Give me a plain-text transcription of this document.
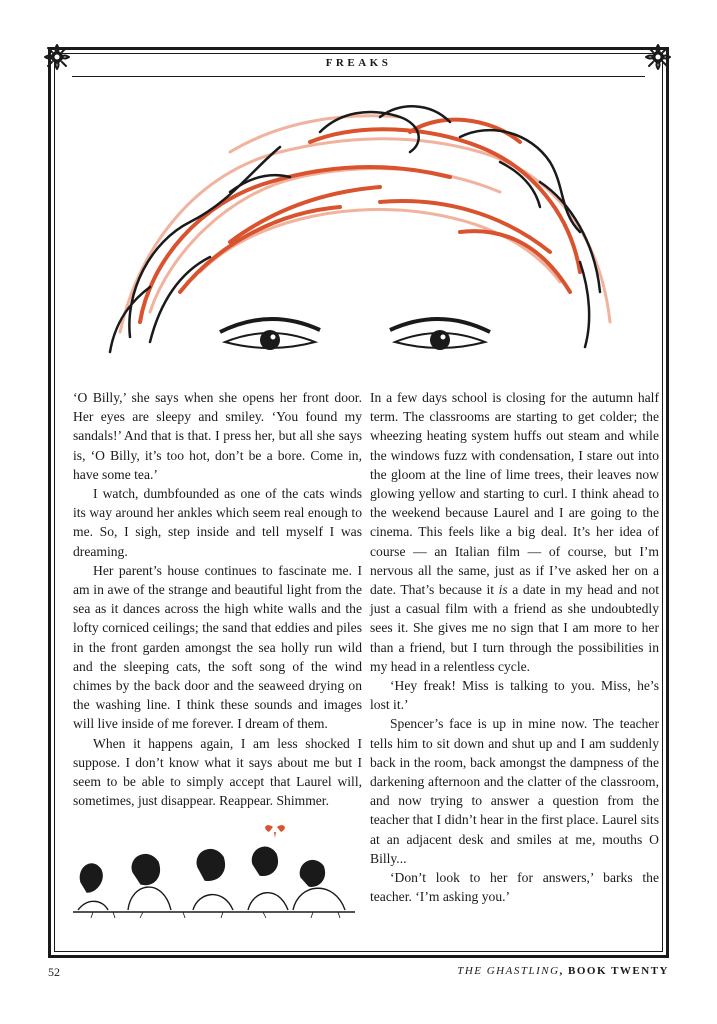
FREAKS

‘O Billy,’ she says when she opens her front door. Her eyes are sleepy and smiley. ‘You found my sandals!’ And that is that. I press her, but all she says is, ‘O Billy, it’s too hot, don’t be a bore. Come in, have some tea.’

I watch, dumbfounded as one of the cats winds its way around her ankles which seem real enough to me. So, I sigh, step inside and tell myself I was dreaming.

Her parent’s house continues to fascinate me. I am in awe of the strange and beautiful light from the sea as it dances across the high white walls and the lofty corniced ceilings; the sand that eddies and piles in the front garden amongst the sea holly run wild and the sleeping cats, the soft song of the wind chimes by the back door and the seaweed drying on the washing line. I think these sounds and images will live inside of me forever. I dream of them.

When it happens again, I am less shocked I suppose. I don’t know what it says about me but I seem to be able to simply accept that Laurel will, sometimes, just disappear. Reappear. Shimmer.

In a few days school is closing for the autumn half term. The classrooms are starting to get colder; the wheezing heating system huffs out steam and while the windows fuzz with condensation, I stare out into the gloom at the line of lime trees, their leaves now glowing yellow and starting to curl. I think ahead to the weekend because Laurel and I are going to the cinema. This feels like a big deal. It’s her idea of course — an Italian film — of course, but I’m nervous all the same, just as if I’ve asked her on a date. That’s because it is a date in my head and not just a casual film with a friend as she undoubtedly sees it. She gives me no sign that I am more to her than a friend, but I turn through the possibilities in my head in a relentless cycle.

‘Hey freak! Miss is talking to you. Miss, he’s lost it.’

Spencer’s face is up in mine now. The teacher tells him to sit down and shut up and I am suddenly back in the room, back amongst the dampness of the darkening afternoon and the clatter of the classroom, and now trying to answer a question from the teacher that I didn’t hear in the first place. Laurel sits at an adjacent desk and smiles at me, mouths O Billy...

‘Don’t look to her for answers,’ barks the teacher. ‘I’m asking you.’

52	THE GHASTLING, BOOK TWENTY
